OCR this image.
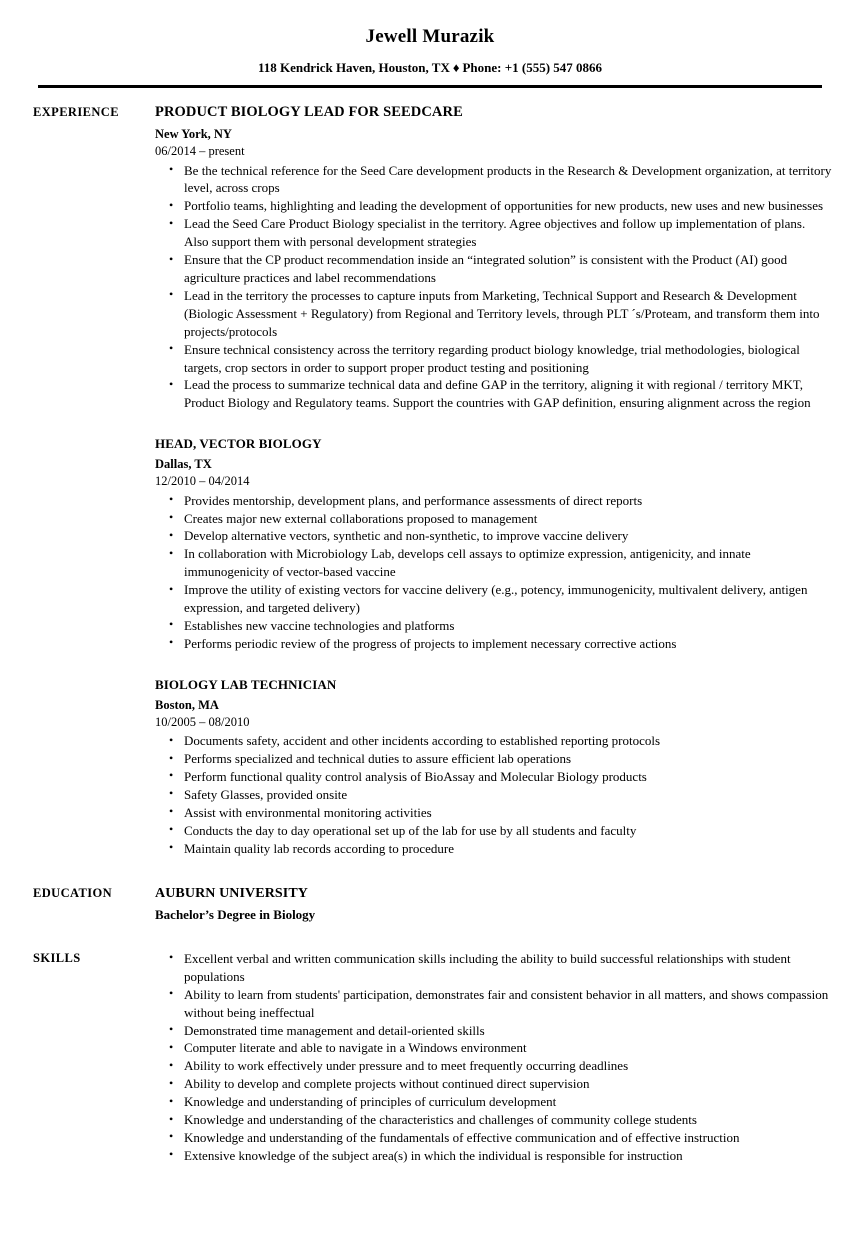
Jewell Murazik
118 Kendrick Haven, Houston, TX ♦ Phone: +1 (555) 547 0866
EXPERIENCE	PRODUCT BIOLOGY LEAD FOR SEEDCARE
New York, NY
06/2014 – present
• Be the technical reference for the Seed Care development products in the Research & Development organization, at territory level, across crops
• Portfolio teams, highlighting and leading the development of opportunities for new products, new uses and new businesses
• Lead the Seed Care Product Biology specialist in the territory. Agree objectives and follow up implementation of plans. Also support them with personal development strategies
• Ensure that the CP product recommendation inside an “integrated solution” is consistent with the Product (AI) good agriculture practices and label recommendations
• Lead in the territory the processes to capture inputs from Marketing, Technical Support and Research & Development (Biologic Assessment + Regulatory) from Regional and Territory levels, through PLT ´s/Proteam, and transform them into projects/protocols
• Ensure technical consistency across the territory regarding product biology knowledge, trial methodologies, biological targets, crop sectors in order to support proper product testing and positioning
• Lead the process to summarize technical data and define GAP in the territory, aligning it with regional / territory MKT, Product Biology and Regulatory teams. Support the countries with GAP definition, ensuring alignment across the region
HEAD, VECTOR BIOLOGY
Dallas, TX
12/2010 – 04/2014
• Provides mentorship, development plans, and performance assessments of direct reports
• Creates major new external collaborations proposed to management
• Develop alternative vectors, synthetic and non-synthetic, to improve vaccine delivery
• In collaboration with Microbiology Lab, develops cell assays to optimize expression, antigenicity, and innate immunogenicity of vector-based vaccine
• Improve the utility of existing vectors for vaccine delivery (e.g., potency, immunogenicity, multivalent delivery, antigen expression, and targeted delivery)
• Establishes new vaccine technologies and platforms
• Performs periodic review of the progress of projects to implement necessary corrective actions
BIOLOGY LAB TECHNICIAN
Boston, MA
10/2005 – 08/2010
• Documents safety, accident and other incidents according to established reporting protocols
• Performs specialized and technical duties to assure efficient lab operations
• Perform functional quality control analysis of BioAssay and Molecular Biology products
• Safety Glasses, provided onsite
• Assist with environmental monitoring activities
• Conducts the day to day operational set up of the lab for use by all students and faculty
• Maintain quality lab records according to procedure
EDUCATION	AUBURN UNIVERSITY
Bachelor’s Degree in Biology
SKILLS	• Excellent verbal and written communication skills including the ability to build successful relationships with student populations
• Ability to learn from students' participation, demonstrates fair and consistent behavior in all matters, and shows compassion without being ineffectual
• Demonstrated time management and detail-oriented skills
• Computer literate and able to navigate in a Windows environment
• Ability to work effectively under pressure and to meet frequently occurring deadlines
• Ability to develop and complete projects without continued direct supervision
• Knowledge and understanding of principles of curriculum development
• Knowledge and understanding of the characteristics and challenges of community college students
• Knowledge and understanding of the fundamentals of effective communication and of effective instruction
• Extensive knowledge of the subject area(s) in which the individual is responsible for instruction
